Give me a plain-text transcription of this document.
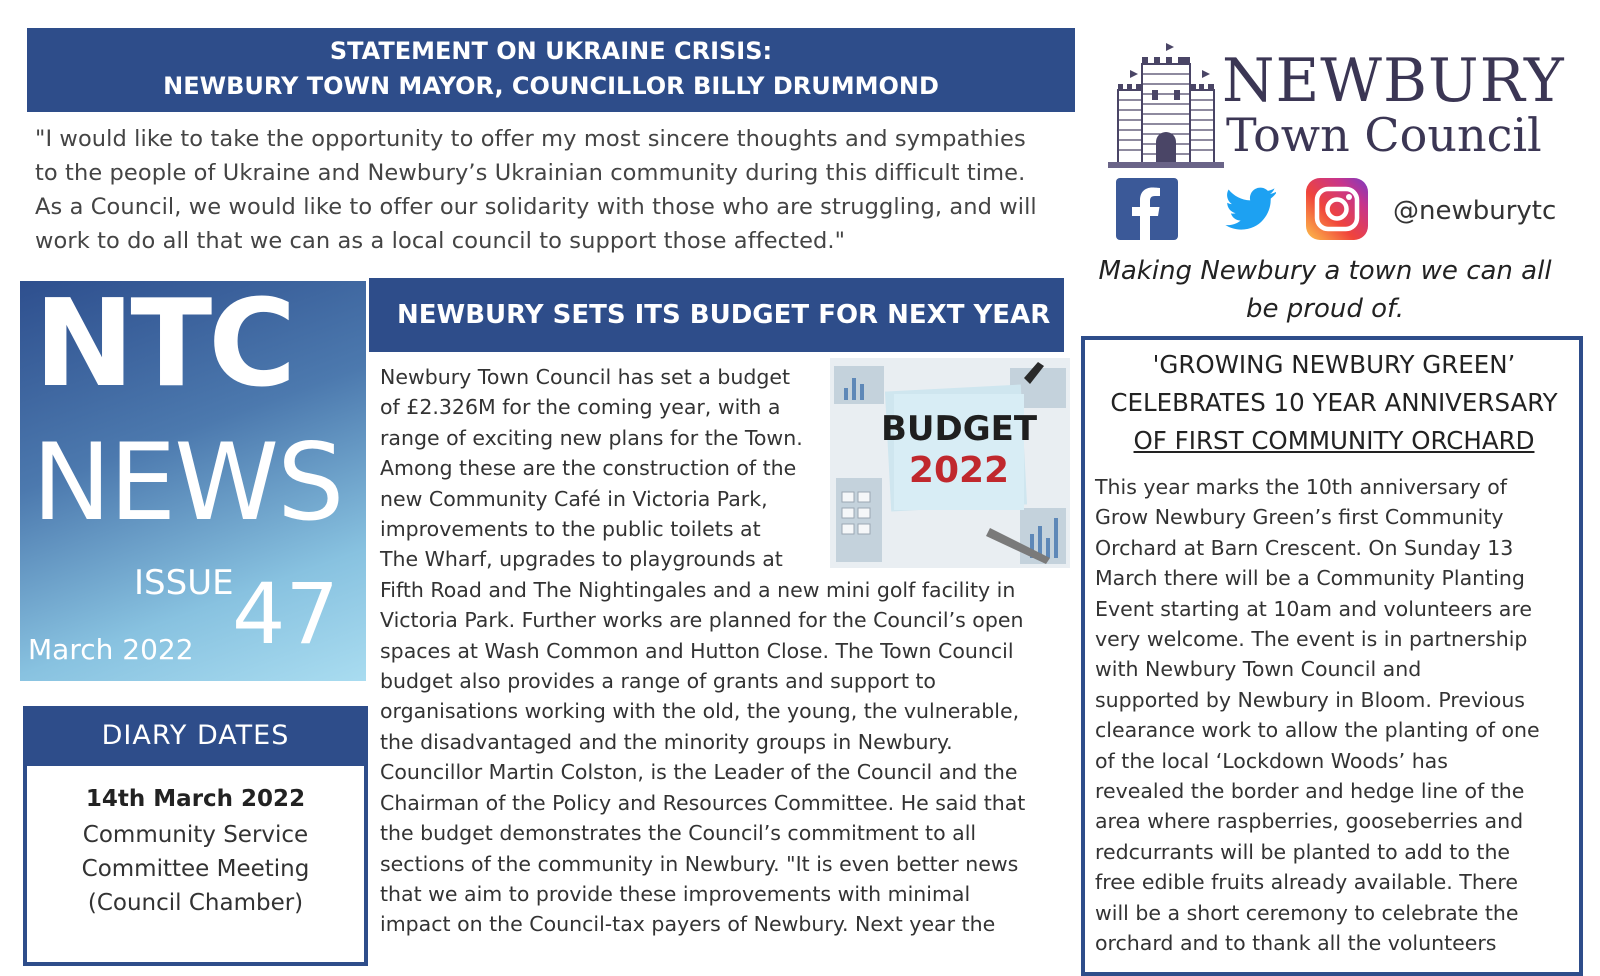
STATEMENT ON UKRAINE CRISIS:
NEWBURY TOWN MAYOR, COUNCILLOR BILLY DRUMMOND
"I would like to take the opportunity to offer my most sincere thoughts and sympathies
to the people of Ukraine and Newbury’s Ukrainian community during this difficult time.
As a Council, we would like to offer our solidarity with those who are struggling, and will
work to do all that we can as a local council to support those affected."
NEWBURY
Town Council
@newburytc
Making Newbury a town we can all
be proud of.
NTC
NEWS
ISSUE
47
March 2022
DIARY DATES
14th March 2022
Community Service
Committee Meeting
(Council Chamber)
NEWBURY SETS ITS BUDGET FOR NEXT YEAR
BUDGET
2022
Newbury Town Council has set a budget
of £2.326M for the coming year, with a
range of exciting new plans for the Town.
Among these are the construction of the
new Community Café in Victoria Park,
improvements to the public toilets at
The Wharf, upgrades to playgrounds at
Fifth Road and The Nightingales and a new mini golf facility in
Victoria Park. Further works are planned for the Council’s open
spaces at Wash Common and Hutton Close. The Town Council
budget also provides a range of grants and support to
organisations working with the old, the young, the vulnerable,
the disadvantaged and the minority groups in Newbury.
Councillor Martin Colston, is the Leader of the Council and the
Chairman of the Policy and Resources Committee. He said that
the budget demonstrates the Council’s commitment to all
sections of the community in Newbury. "It is even better news
that we aim to provide these improvements with minimal
impact on the Council-tax payers of Newbury. Next year the
'GROWING NEWBURY GREEN’
CELEBRATES 10 YEAR ANNIVERSARY
OF FIRST COMMUNITY ORCHARD
This year marks the 10th anniversary of
Grow Newbury Green’s first Community
Orchard at Barn Crescent. On Sunday 13
March there will be a Community Planting
Event starting at 10am and volunteers are
very welcome. The event is in partnership
with Newbury Town Council and
supported by Newbury in Bloom. Previous
clearance work to allow the planting of one
of the local ‘Lockdown Woods’ has
revealed the border and hedge line of the
area where raspberries, gooseberries and
redcurrants will be planted to add to the
free edible fruits already available. There
will be a short ceremony to celebrate the
orchard and to thank all the volunteers
